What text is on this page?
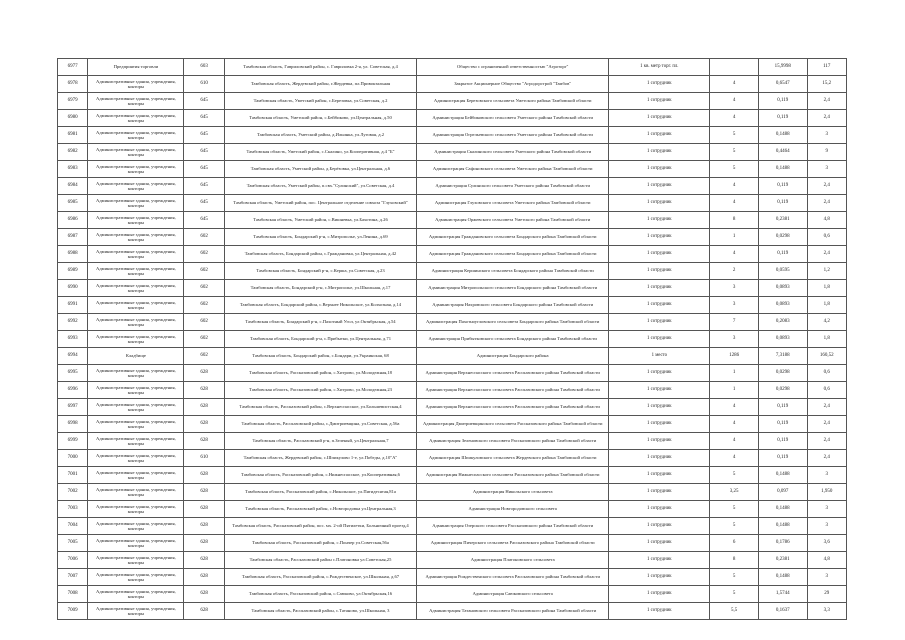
6977	Предприятия торговли	603	Тамбовская область, Гавриловский район, с. Гавриловка 2-я, ул. Советская, д.4	Общество с ограниченной ответственностью "Агроторг"	1 кв. метр торг. пл.		15,9998	117
6978	Административные здания, учреждения, конторы	610	Тамбовская область, Жердевский район, г.Жердевка, пл.Привокзальная	Закрытое Акционерное Общество "Агродорстрой "Тамбов"	1 сотрудник	4	0,6547	15,2
6979	Административные здания, учреждения, конторы	645	Тамбовская область, Уметский район, с.Березовка, ул.Советская, д.2	Администрация Березовского сельсовета Уметского района Тамбовской области	1 сотрудник	4	0,119	2,4
6980	Административные здания, учреждения, конторы	645	Тамбовская область, Уметский район, с.Бейбиково, ул.Центральная, д.50	Администрация Бейбиковского сельсовета Уметского района Тамбовской области	1 сотрудник	4	0,119	2,4
6981	Административные здания, учреждения, конторы	645	Тамбовская область, Уметский район, д.Ильинка, ул.Луговая, д.2	Администрация Огрельевского сельсовета Уметского района Тамбовской области	1 сотрудник	5	0,1488	3
6982	Административные здания, учреждения, конторы	645	Тамбовская область, Уметский район, с.Скалино, ул.Кооперативная, д.4 "Б"	Администрация Скалинского сельсовета Уметского района Тамбовской области	1 сотрудник	5	0,4464	9
6983	Административные здания, учреждения, конторы	645	Тамбовская область, Уметский район, д.Берёзовка, ул.Центральная, д.6	Администрация Сафоновского сельсовета Уметского района Тамбовской области	1 сотрудник	5	0,1488	3
6984	Административные здания, учреждения, конторы	645	Тамбовская область, Уметский район, п.свх."Сулинский", ул.Советская, д.4	Администрация Сулинского сельсовета Уметского района Тамбовской области	1 сотрудник	4	0,119	2,4
6985	Административные здания, учреждения, конторы	645	Тамбовская область, Уметский район, пос. Центральное отделение совхоза "Глуховский"	Администрация Глуховского сельсовета Уметского района Тамбовской области	1 сотрудник	4	0,119	2,4
6986	Административные здания, учреждения, конторы	645	Тамбовская область, Уметский район, с.Вишневка, ул.Бахотина, д.26	Администрация Оржевского сельсовета Уметского района Тамбовской области	1 сотрудник	8	0,2381	4,8
6987	Административные здания, учреждения, конторы	602	Тамбовская область, Бондарский р-н, с.Митрополье, ул.Ленина, д.69	Администрация Граждановского сельсовета Бондарского района Тамбовской области	1 сотрудник	1	0,0298	0,6
6988	Административные здания, учреждения, конторы	602	Тамбовская область, Бондарский район, с.Граждановка, ул.Центральная, д.42	Администрация Граждановского сельсовета Бондарского района Тамбовской области	1 сотрудник	4	0,119	2,4
6989	Административные здания, учреждения, конторы	602	Тамбовская область, Бондарский р-н, с.Керша, ул.Советская, д.23	Администрация Кершинского сельсовета Бондарского района Тамбовской области	1 сотрудник	2	0,0595	1,2
6990	Административные здания, учреждения, конторы	602	Тамбовская область, Бондарский р-н, с.Митрополье, ул.Школьная, д.17	Администрация Митропольского сельсовета Бондарского района Тамбовской области	1 сотрудник	3	0,0893	1,8
6991	Административные здания, учреждения, конторы	602	Тамбовская область, Бондарский район, с.Верхнее Никольское, ул.Колхозная, д.14	Администрация Нахровского сельсовета Бондарского района Тамбовской области	1 сотрудник	3	0,0893	1,8
6992	Административные здания, учреждения, конторы	602	Тамбовская область, Бондарский р-н, с.Пахотный Угол, ул.Октябрьская, д.54	Администрация Пахотноугловского сельсовета Бондарского района Тамбовской области	1 сотрудник	7	0,2083	4,2
6993	Административные здания, учреждения, конторы	602	Тамбовская область, Бондарский р-н, с.Прибытки, ул.Центральная, д.71	Администрация Прибытковского сельсовета Бондарского района Тамбовской области	1 сотрудник	3	0,0893	1,8
6994	Кладбище	602	Тамбовская область, Бондарский район, с.Бондари, ул.Украинская, 68	Администрация Бондарского района	1 место	1286	7,3188	160,52
6995	Административные здания, учреждения, конторы	628	Тамбовская область, Рассказовский район, с.Хитрово, ул.Молодежная,18	Администрация Верхнеспасского сельсовета Рассказовского района Тамбовской области	1 сотрудник	1	0,0298	0,6
6996	Административные здания, учреждения, конторы	628	Тамбовская область, Рассказовский район, с.Хитрово, ул.Молодежная,23	Администрация Верхнеспасского сельсовета Рассказовского района Тамбовской области	1 сотрудник	1	0,0298	0,6
6997	Административные здания, учреждения, конторы	628	Тамбовская область, Рассказовский район, с.Верхнеспасское, ул.Большевистская,4	Администрация Верхнеспасского сельсовета Рассказовского района Тамбовской области	1 сотрудник	4	0,119	2,4
6998	Административные здания, учреждения, конторы	628	Тамбовская область, Рассказовский район, с.Дмитриевщина, ул.Советская, д.56а	Администрация Дмитриевщинского сельсовета Рассказовского района Тамбовской области	1 сотрудник	4	0,119	2,4
6999	Административные здания, учреждения, конторы	628	Тамбовская область, Рассказовский р-н, п.Зеленый, ул.Центральная,7	Администрация Зеленовского сельсовета Рассказовского района Тамбовской области	1 сотрудник	4	0,119	2,4
7000	Административные здания, учреждения, конторы	610	Тамбовская область, Жердевский район, с.Шпикулово 1-е, ул.Победы, д.10"А"	Администрация Шпикуловского сельсовета Жердевского района Тамбовской области	1 сотрудник	4	0,119	2,4
7001	Административные здания, учреждения, конторы	628	Тамбовская область, Рассказовский район, с.Нижнеспасское, ул.Кооперативная,6	Администрация Нижнеспасского сельсовета Рассказовского района Тамбовской области	1 сотрудник	5	0,1488	3
7002	Административные здания, учреждения, конторы	628	Тамбовская область, Рассказовский район, с.Никольское, ул.Пятидесятая,81а	Администрация Никольского сельсовета	1 сотрудник	3,25	0,097	1,950
7003	Административные здания, учреждения, конторы	628	Тамбовская область, Рассказовский район, с.Новгородовка ул.Центральная,3	Администрация Новгородовского сельсовета	1 сотрудник	5	0,1488	3
7004	Административные здания, учреждения, конторы	628	Тамбовская область, Рассказовский район, пос. мх. 2-ой Пятилетки, Больничный проезд,4	Администрация Озерского сельсовета Рассказовского района Тамбовской области	1 сотрудник	5	0,1488	3
7005	Административные здания, учреждения, конторы	628	Тамбовская область, Рассказовский район, с.Пончер ул.Советская,56а	Администрация Пичерского сельсовета Рассказовского района Тамбовской области	1 сотрудник	6	0,1786	3,6
7006	Административные здания, учреждения, конторы	628	Тамбовская область, Рассказовский район с.Платоновка ул.Советская,25	Администрация Платоновского сельсовета	1 сотрудник	8	0,2381	4,8
7007	Административные здания, учреждения, конторы	628	Тамбовская область, Рассказовский район, с.Рождественское, ул.Школьная, д.67	Администрация Рождественского сельсовета Рассказовского района Тамбовской области	1 сотрудник	5	0,1488	3
7008	Административные здания, учреждения, конторы	628	Тамбовская область, Рассказовский район, с.Саюково, ул.Октябрьская,16	Администрация Саюковского сельсовета	1 сотрудник	5	1,5744	29
7009	Административные здания, учреждения, конторы	628	Тамбовская область, Рассказовский район, с.Татаново, ул.Школьная, 3	Администрация Татановского сельсовета Рассказовского района Тамбовской области	1 сотрудник	5,5	0,1637	3,3
